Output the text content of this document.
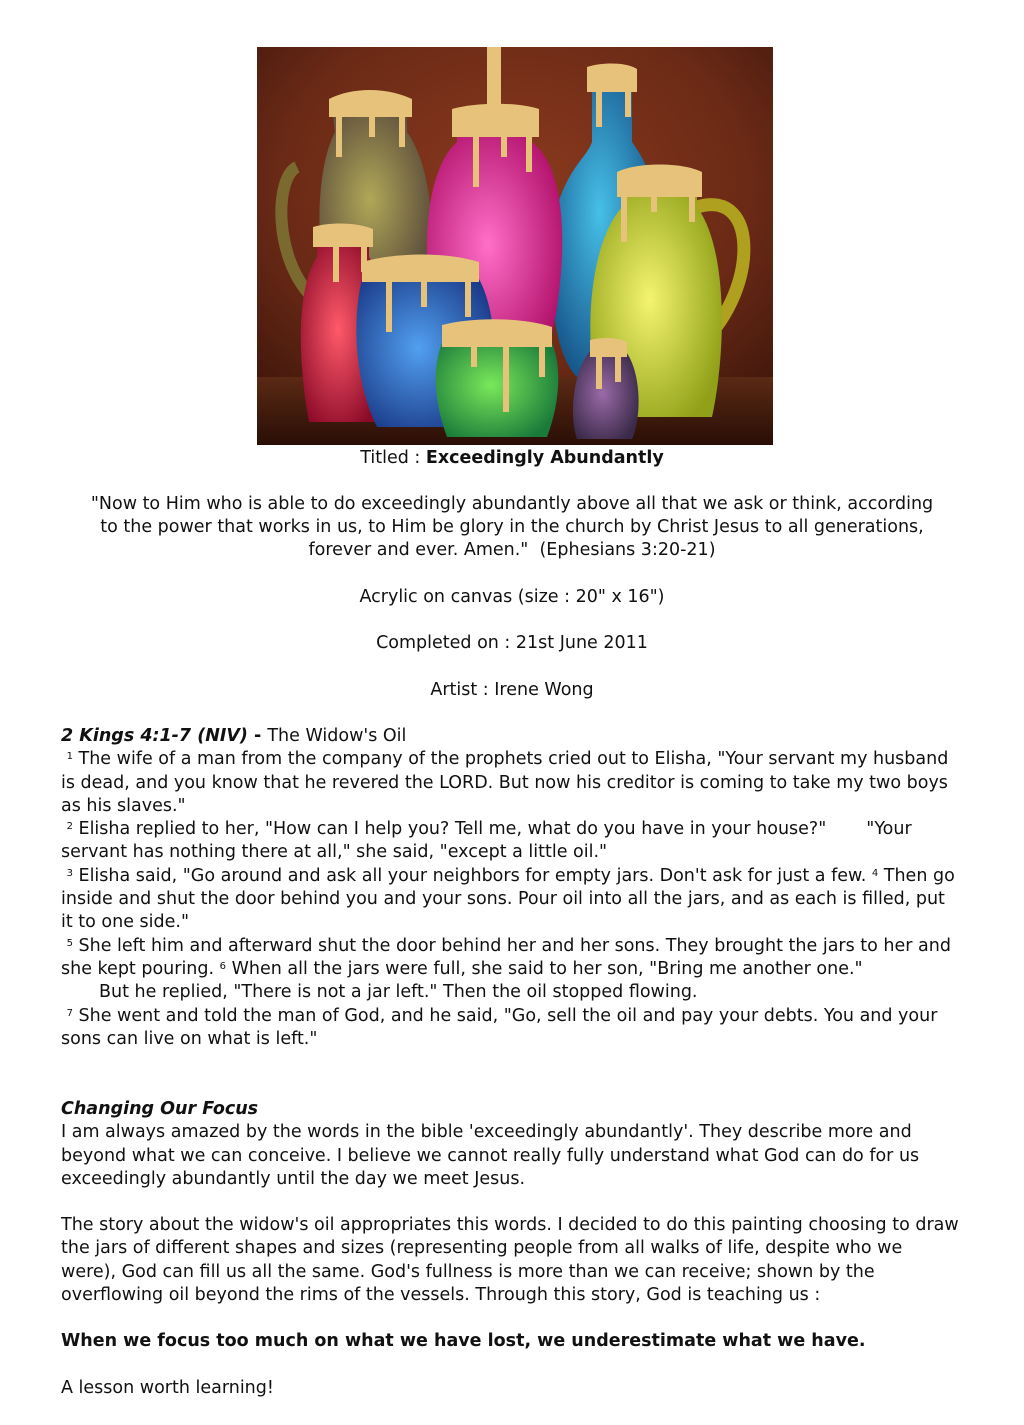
Titled : Exceedingly Abundantly

"Now to Him who is able to do exceedingly abundantly above all that we ask or think, according
to the power that works in us, to Him be glory in the church by Christ Jesus to all generations,
forever and ever. Amen."  (Ephesians 3:20-21)

Acrylic on canvas (size : 20" x 16")

Completed on : 21st June 2011

Artist : Irene Wong

2 Kings 4:1-7 (NIV) - The Widow's Oil
$^1$ The wife of a man from the company of the prophets cried out to Elisha, "Your servant my husband is dead, and you know that he revered the LORD. But now his creditor is coming to take my two boys as his slaves."
$^2$ Elisha replied to her, "How can I help you? Tell me, what do you have in your house?" "Your servant has nothing there at all," she said, "except a little oil."
$^3$ Elisha said, "Go around and ask all your neighbors for empty jars. Don't ask for just a few. $^4$ Then go inside and shut the door behind you and your sons. Pour oil into all the jars, and as each is filled, put it to one side."
$^5$ She left him and afterward shut the door behind her and her sons. They brought the jars to her and she kept pouring. $^6$ When all the jars were full, she said to her son, "Bring me another one."
But he replied, "There is not a jar left." Then the oil stopped flowing.
$^7$ She went and told the man of God, and he said, "Go, sell the oil and pay your debts. You and your sons can live on what is left."
Changing Our Focus
I am always amazed by the words in the bible 'exceedingly abundantly'. They describe more and beyond what we can conceive. I believe we cannot really fully understand what God can do for us exceedingly abundantly until the day we meet Jesus.

The story about the widow's oil appropriates this words. I decided to do this painting choosing to draw the jars of different shapes and sizes (representing people from all walks of life, despite who we were), God can fill us all the same. God's fullness is more than we can receive; shown by the overflowing oil beyond the rims of the vessels. Through this story, God is teaching us :

When we focus too much on what we have lost, we underestimate what we have.

A lesson worth learning!
